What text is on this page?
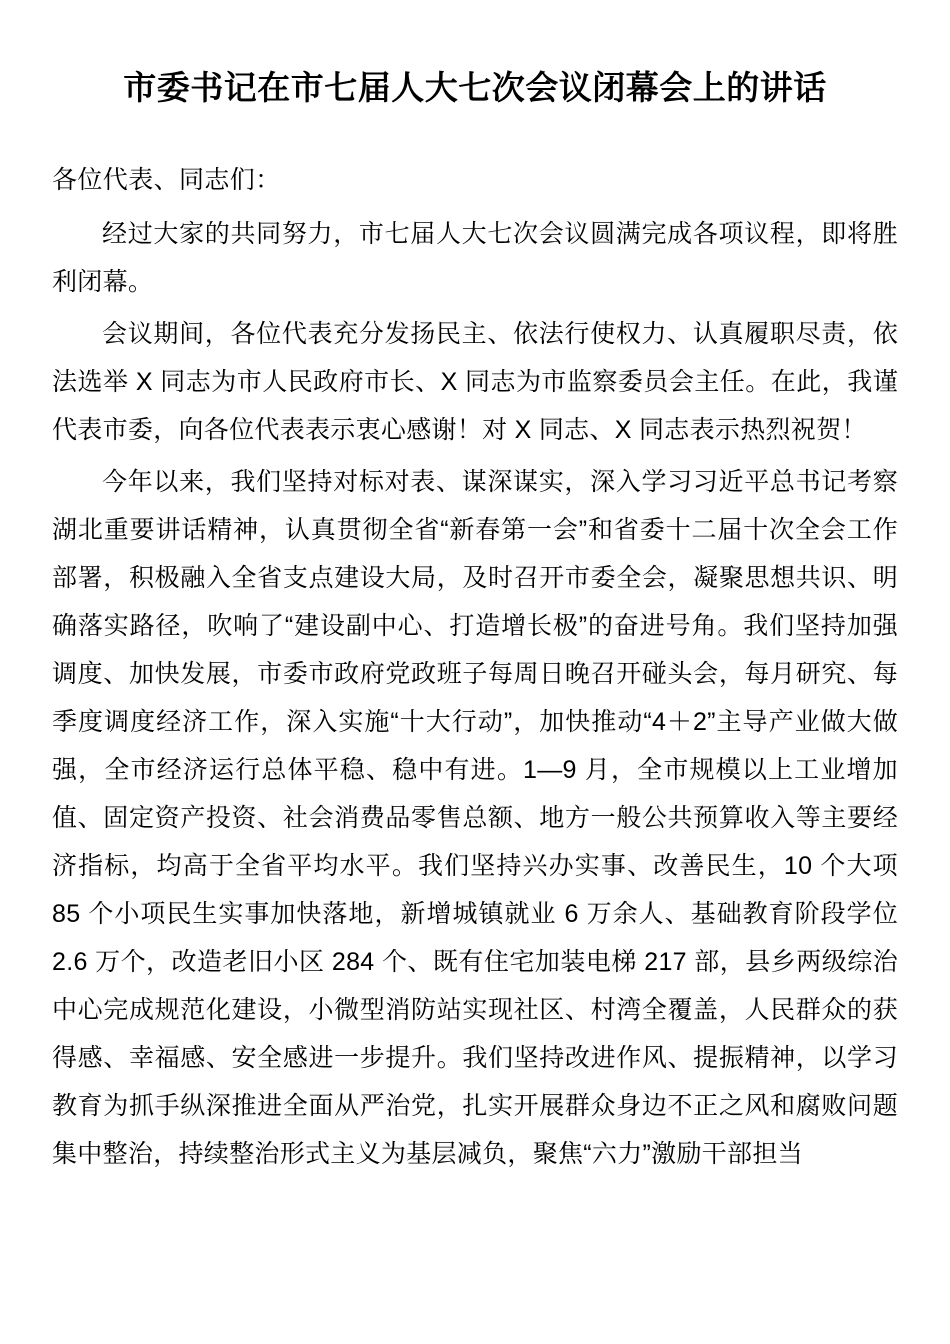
市委书记在市七届人大七次会议闭幕会上的讲话

各位代表、同志们：

经过大家的共同努力，市七届人大七次会议圆满完成各项议程，即将胜利闭幕。

会议期间，各位代表充分发扬民主、依法行使权力、认真履职尽责，依法选举 X 同志为市人民政府市长、X 同志为市监察委员会主任。在此，我谨代表市委，向各位代表表示衷心感谢！对 X 同志、X 同志表示热烈祝贺！

今年以来，我们坚持对标对表、谋深谋实，深入学习习近平总书记考察湖北重要讲话精神，认真贯彻全省“新春第一会”和省委十二届十次全会工作部署，积极融入全省支点建设大局，及时召开市委全会，凝聚思想共识、明确落实路径，吹响了“建设副中心、打造增长极”的奋进号角。我们坚持加强调度、加快发展，市委市政府党政班子每周日晚召开碰头会，每月研究、每季度调度经济工作，深入实施“十大行动”，加快推动“4＋2”主导产业做大做强，全市经济运行总体平稳、稳中有进。1—9 月，全市规模以上工业增加值、固定资产投资、社会消费品零售总额、地方一般公共预算收入等主要经济指标，均高于全省平均水平。我们坚持兴办实事、改善民生，10 个大项 85 个小项民生实事加快落地，新增城镇就业 6 万余人、基础教育阶段学位 2.6 万个，改造老旧小区 284 个、既有住宅加装电梯 217 部，县乡两级综治中心完成规范化建设，小微型消防站实现社区、村湾全覆盖，人民群众的获得感、幸福感、安全感进一步提升。我们坚持改进作风、提振精神，以学习教育为抓手纵深推进全面从严治党，扎实开展群众身边不正之风和腐败问题集中整治，持续整治形式主义为基层减负，聚焦“六力”激励干部担当
